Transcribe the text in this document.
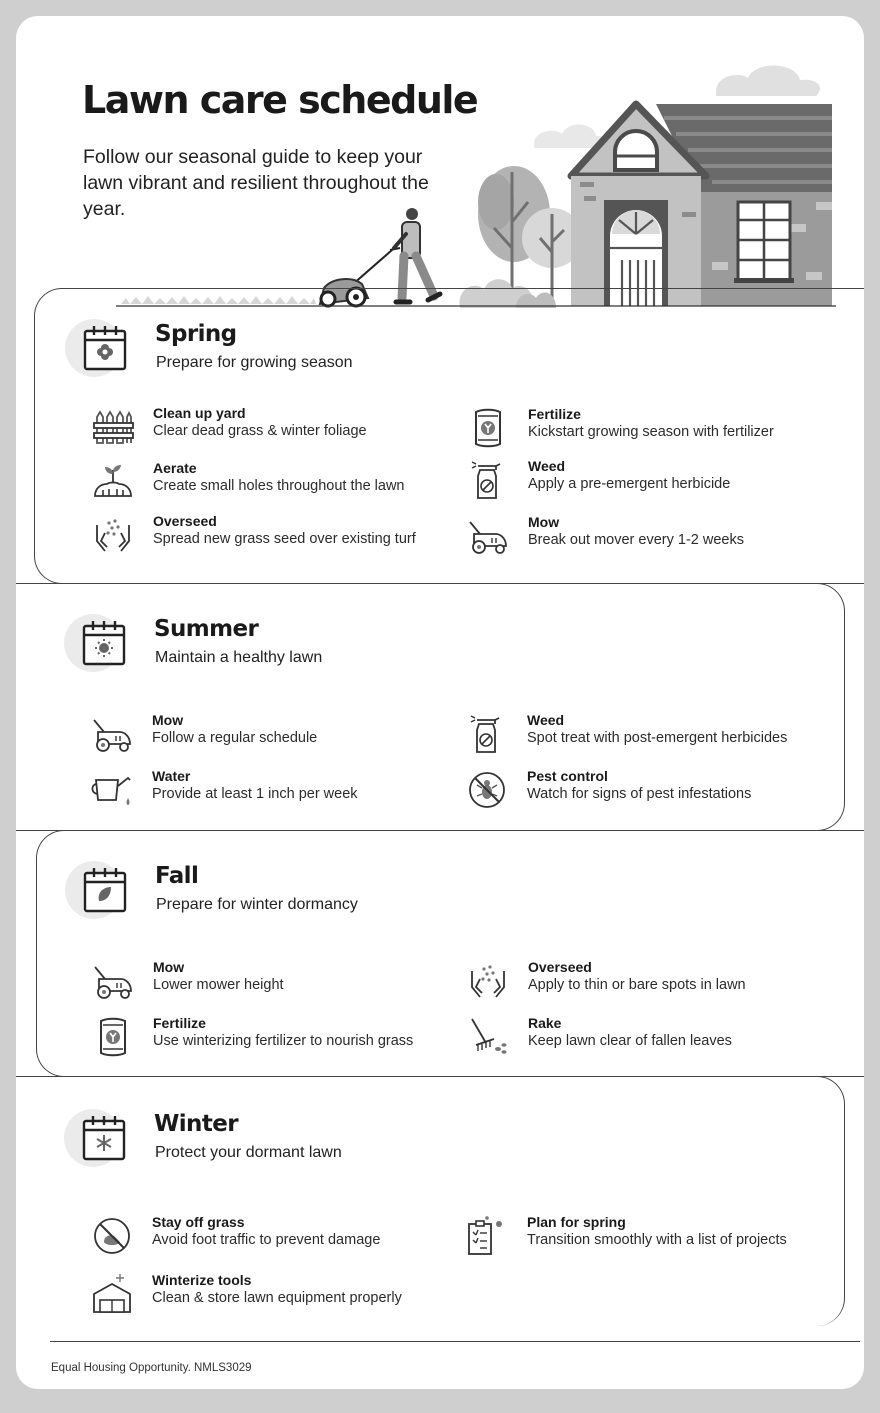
Lawn care schedule
Follow our seasonal guide to keep your lawn vibrant and resilient throughout the year.
Spring
Prepare for growing season
Clean up yard
Clear dead grass & winter foliage
Fertilize
Kickstart growing season with fertilizer
Aerate
Create small holes throughout the lawn
Weed
Apply a pre-emergent herbicide
Overseed
Spread new grass seed over existing turf
Mow
Break out mover every 1-2 weeks
Summer
Maintain a healthy lawn
Mow
Follow a regular schedule
Weed
Spot treat with post-emergent herbicides
Water
Provide at least 1 inch per week
Pest control
Watch for signs of pest infestations
Fall
Prepare for winter dormancy
Mow
Lower mower height
Overseed
Apply to thin or bare spots in lawn
Fertilize
Use winterizing fertilizer to nourish grass
Rake
Keep lawn clear of fallen leaves
Winter
Protect your dormant lawn
Stay off grass
Avoid foot traffic to prevent damage
Plan for spring
Transition smoothly with a list of projects
Winterize tools
Clean & store lawn equipment properly
Equal Housing Opportunity. NMLS3029
